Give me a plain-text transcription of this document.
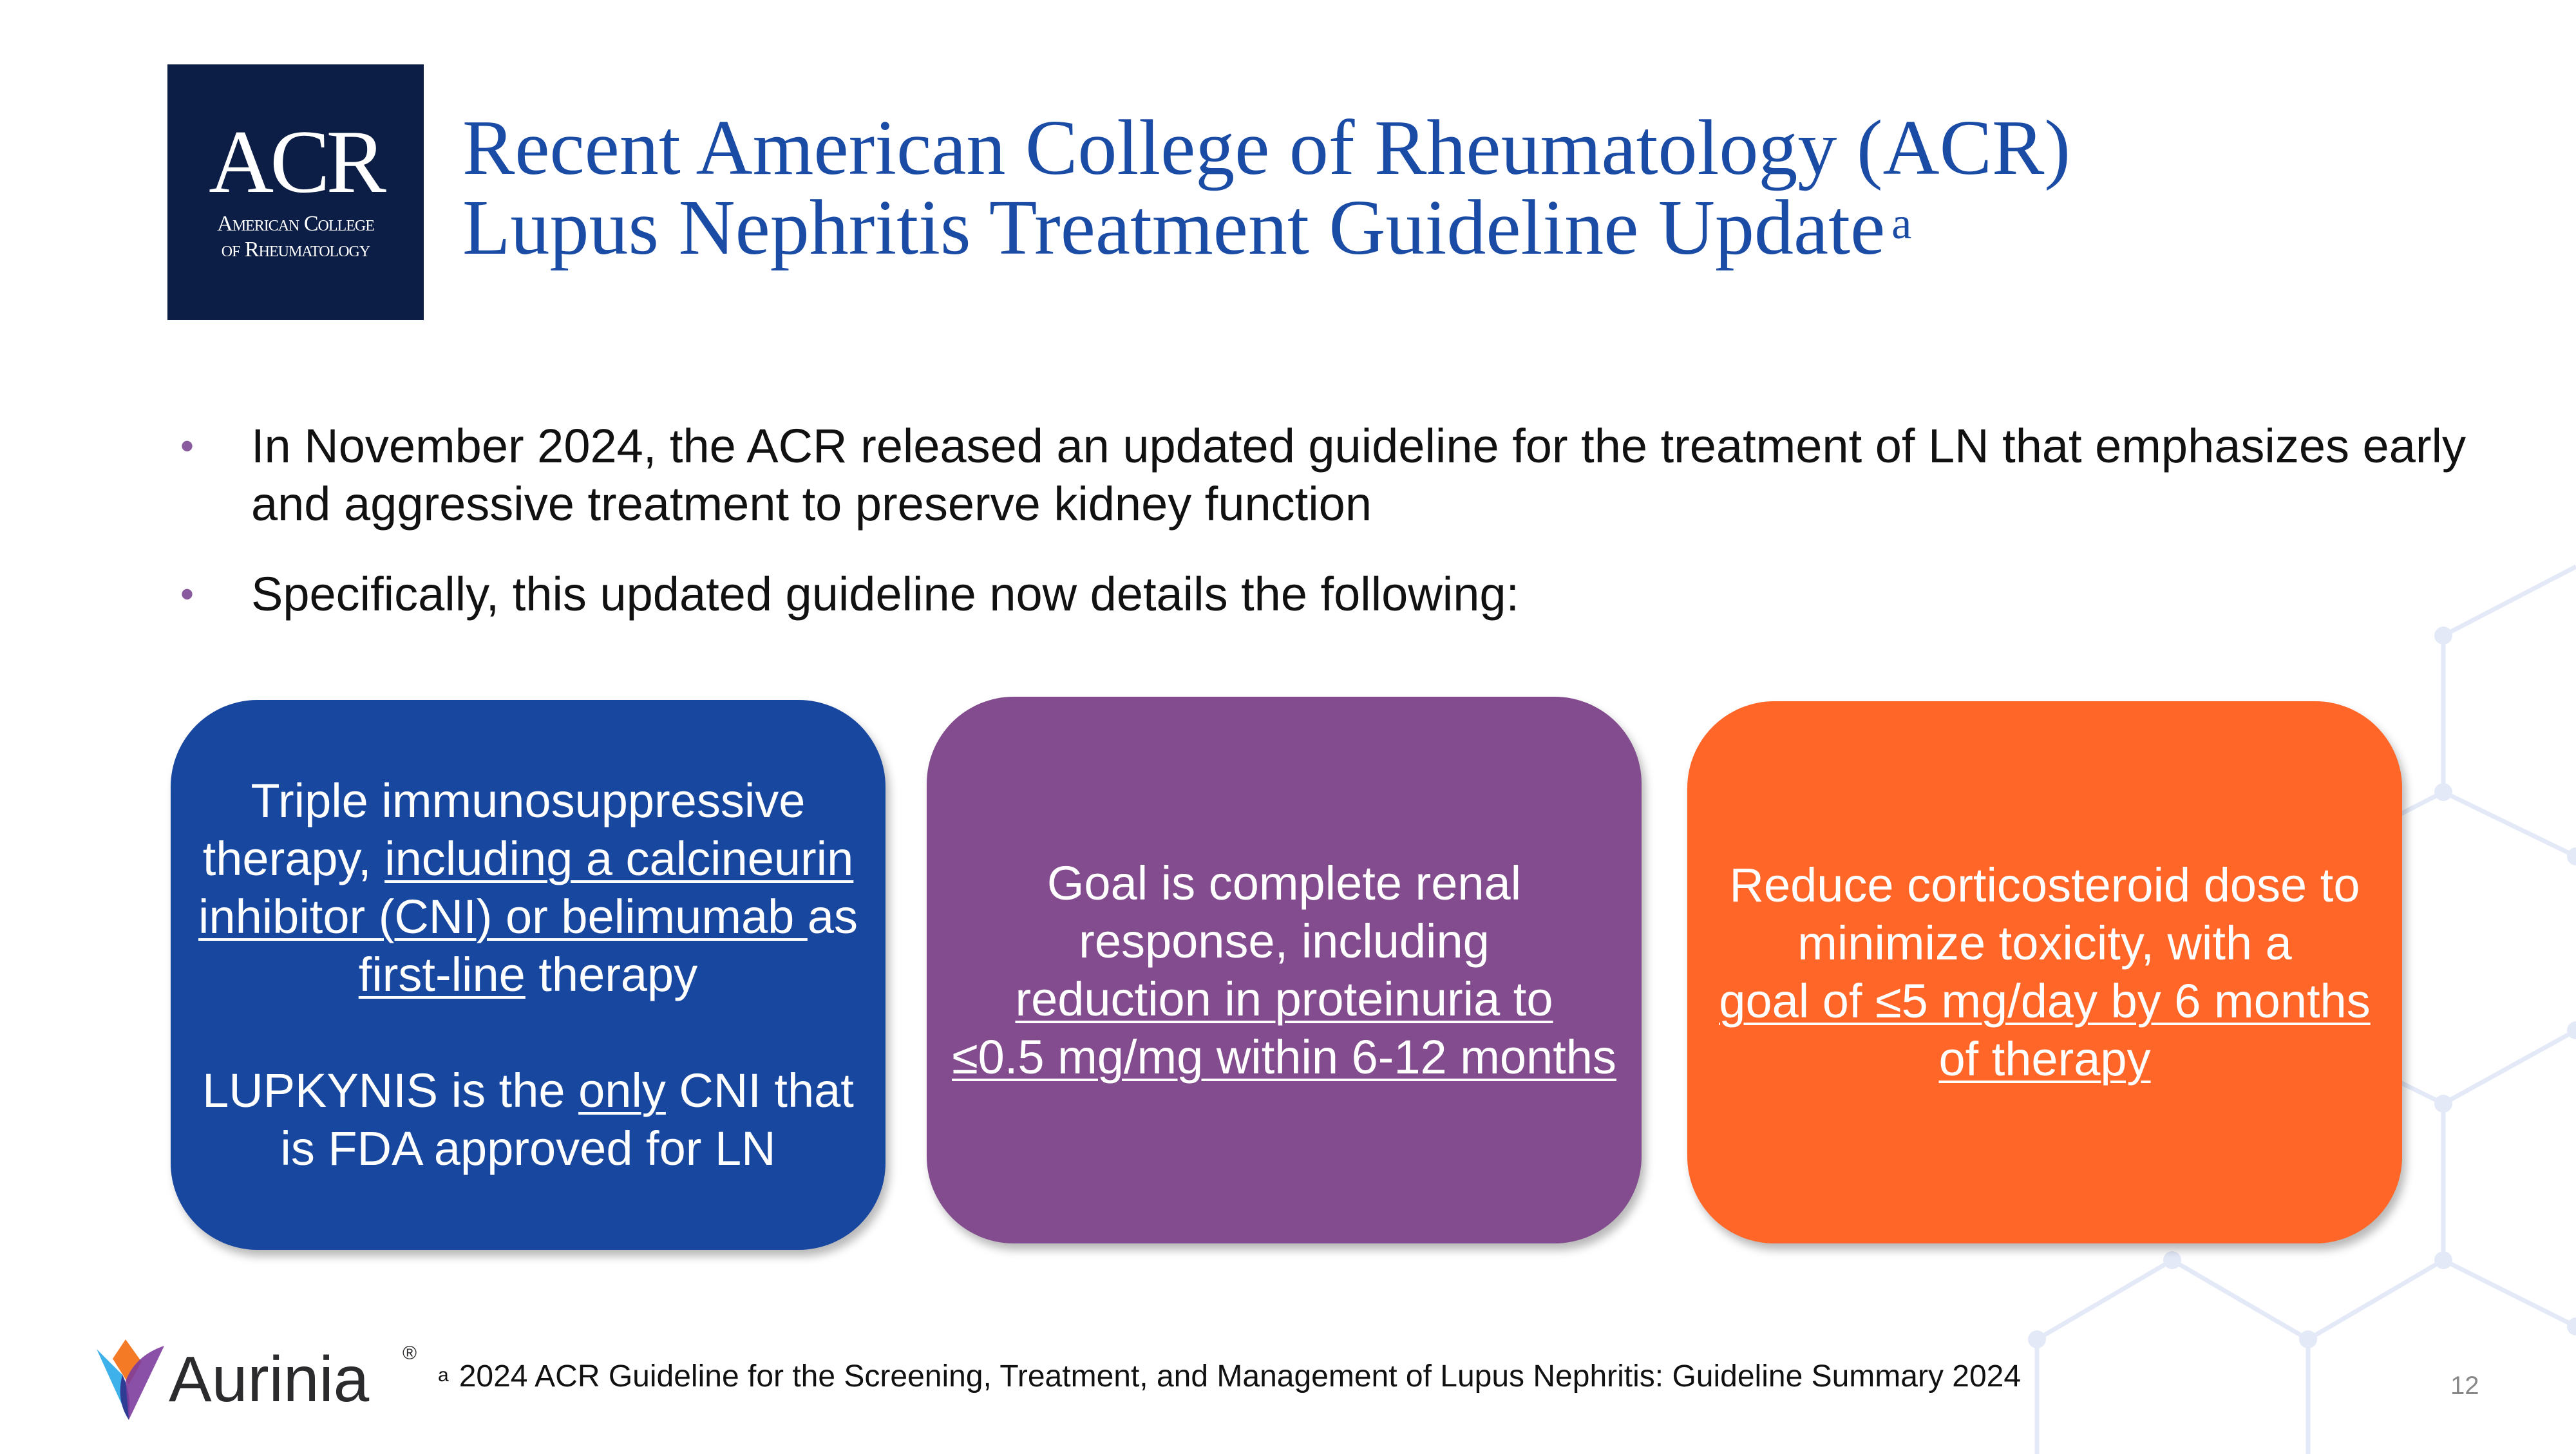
ACR
American College
of Rheumatology
Recent American College of Rheumatology (ACR)
Lupus Nephritis Treatment Guideline Update $^a$
• In November 2024, the ACR released an updated guideline for the treatment of LN that emphasizes early and aggressive treatment to preserve kidney function
• Specifically, this updated guideline now details the following:
Triple immunosuppressive
therapy, including a calcineurin
inhibitor (CNI) or belimumab as
first-line therapy

LUPKYNIS is the only CNI that
is FDA approved for LN
Goal is complete renal
response, including
reduction in proteinuria to
≤0.5 mg/mg within 6-12 months
Reduce corticosteroid dose to
minimize toxicity, with a
goal of ≤5 mg/day by 6 months
of therapy
Aurinia ®
$^a$ 2024 ACR Guideline for the Screening, Treatment, and Management of Lupus Nephritis: Guideline Summary 2024	12
